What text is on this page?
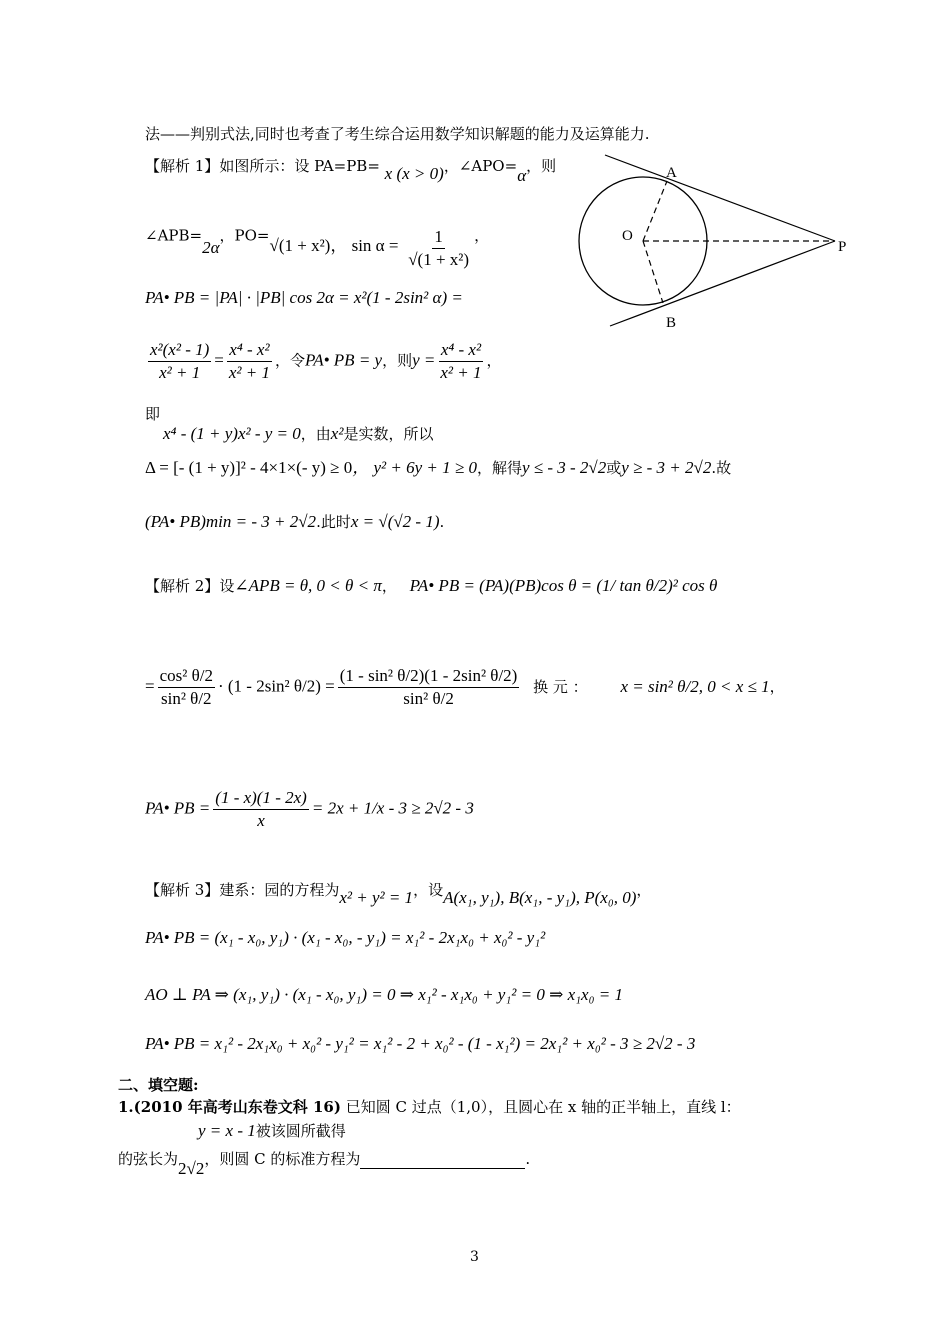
法——判别式法,同时也考查了考生综合运用数学知识解题的能力及运算能力.
【解析 1】如图所示：设 PA=PB= x (x > 0)，∠APO=α，则
∠APB=2α，PO=√(1 + x²)， $\sin \alpha = \frac{1}{\text{√(1 + x²)}}$ ，
PA• PB = |PA| · |PB| cos 2α = x²(1 - 2sin² α) =
$\frac{\text{x²(x² - 1)}}{\text{x² + 1}} = \frac{\text{x⁴ - x²}}{\text{x² + 1}}$ ，令PA• PB = y，则$y = \frac{\text{x⁴ - x²}}{\text{x² + 1}}$ ，
即
x⁴ - (1 + y)x² - y = 0，由x²是实数，所以
Δ = [- (1 + y)]² - 4×1×(- y) ≥ 0， y² + 6y + 1 ≥ 0，解得y ≤ - 3 - 2√2或y ≥ - 3 + 2√2.故
(PA• PB)min = - 3 + 2√2.此时x = √(√2 - 1).
【解析 2】设∠APB = θ, 0 < θ < π， PA• PB = (PA)(PB)cos θ = (1/ tan θ/2)² cos θ
= $\frac{\text{cos² θ/2}}{\text{sin² θ/2}} \cdot (1 - 2\sin^2$ $\theta/2) = \frac{\text{(1 - sin² θ/2)(1 - 2sin² θ/2)}}{\text{sin² θ/2}}$ 换 元 ： x = sin² θ/2, 0 < x ≤ 1，
PA• PB = $\frac{(1 - x)(1 - 2x)}{x} = 2x + 1/x - 3 \ge 2√2 - 3$
【解析 3】建系：园的方程为x² + y² = 1，设A(x₁, y₁), B(x₁, - y₁), P(x₀, 0)，
PA• PB = (x₁ - x₀, y₁) · (x₁ - x₀, - y₁) = x₁² - 2x₁x₀ + x₀² - y₁²
AO ⊥ PA ⇒ (x₁, y₁) · (x₁ - x₀, y₁) = 0 ⇒ x₁² - x₁x₀ + y₁² = 0 ⇒ x₁x₀ = 1
PA• PB = x₁² - 2x₁x₀ + x₀² - y₁² = x₁² - 2 + x₀² - (1 - x₁²) = 2x₁² + x₀² - 3 ≥ 2√2 - 3
二、填空题:
1.(2010 年高考山东卷文科 16) 已知圆 C 过点（1,0），且圆心在 x 轴的正半轴上，直线 l：
y = x - 1被该圆所截得
的弦长为2√2，则圆 C 的标准方程为	.
A
B
O
P
3
